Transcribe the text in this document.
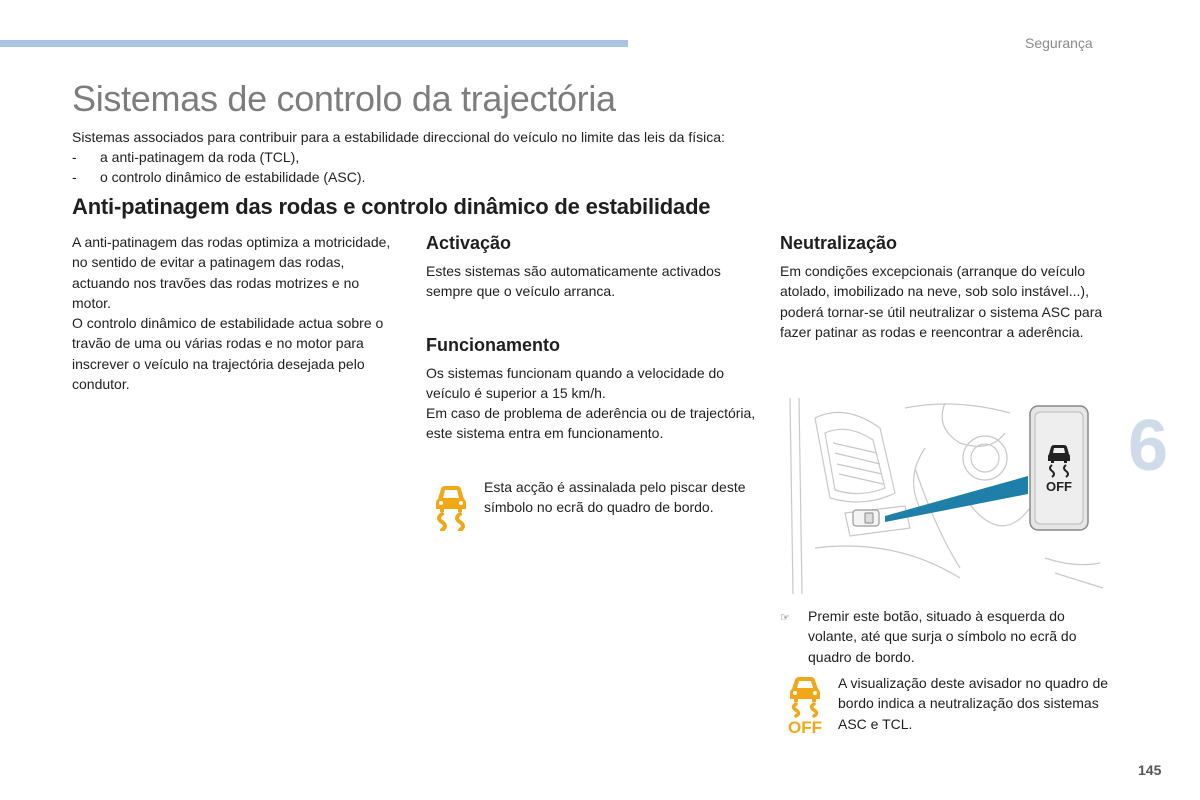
Segurança
Sistemas de controlo da trajectória

Sistemas associados para contribuir para a estabilidade direccional do veículo no limite das leis da física:

- a anti-patinagem da roda (TCL),
- o controlo dinâmico de estabilidade (ASC).
Anti-patinagem das rodas e controlo dinâmico de estabilidade

A anti-patinagem das rodas optimiza a motricidade, no sentido de evitar a patinagem das rodas, actuando nos travões das rodas motrizes e no motor.

O controlo dinâmico de estabilidade actua sobre o travão de uma ou várias rodas e no motor para inscrever o veículo na trajectória desejada pelo condutor.

Activação

Estes sistemas são automaticamente activados sempre que o veículo arranca.

Funcionamento

Os sistemas funcionam quando a velocidade do veículo é superior a 15 km/h.

Em caso de problema de aderência ou de trajectória, este sistema entra em funcionamento.

Esta acção é assinalada pelo piscar deste símbolo no ecrã do quadro de bordo.

Neutralização

Em condições excepcionais (arranque do veículo atolado, imobilizado na neve, sob solo instável...), poderá tornar-se útil neutralizar o sistema ASC para fazer patinar as rodas e reencontrar a aderência.

OFF
☞	Premir este botão, situado à esquerda do volante, até que surja o símbolo no ecrã do quadro de bordo.

OFF

A visualização deste avisador no quadro de bordo indica a neutralização dos sistemas ASC e TCL.

6
145
